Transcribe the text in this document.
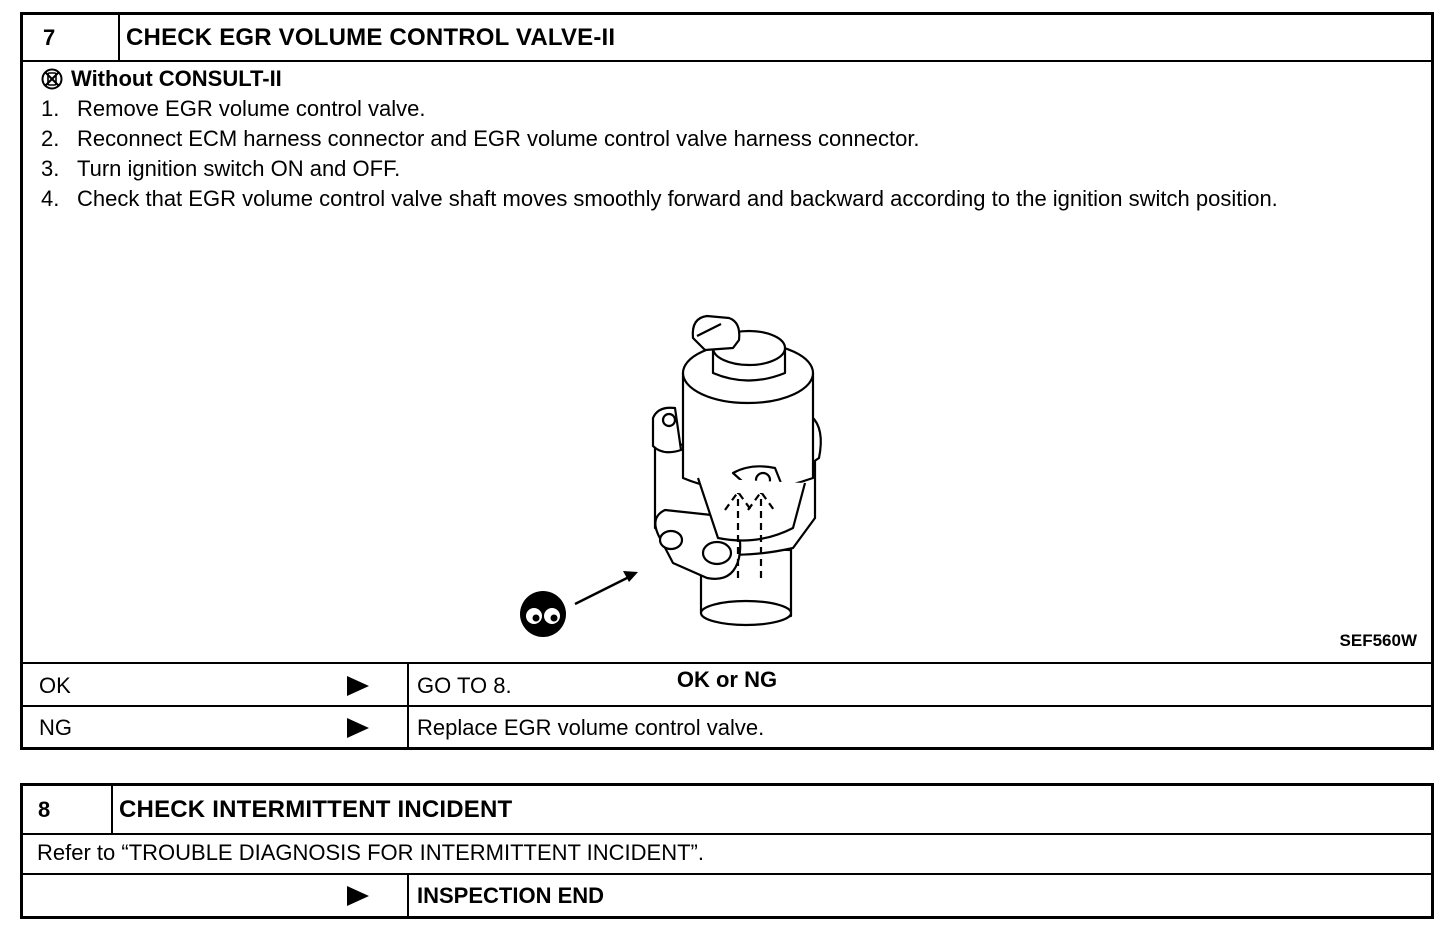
7	CHECK EGR VOLUME CONTROL VALVE-II
Without CONSULT-II
1. Remove EGR volume control valve.
2. Reconnect ECM harness connector and EGR volume control valve harness connector.
3. Turn ignition switch ON and OFF.
4. Check that EGR volume control valve shaft moves smoothly forward and backward according to the ignition switch position.
SEF560W
OK or NG
OK	GO TO 8.
NG	Replace EGR volume control valve.
8	CHECK INTERMITTENT INCIDENT
Refer to “TROUBLE DIAGNOSIS FOR INTERMITTENT INCIDENT”.
INSPECTION END
